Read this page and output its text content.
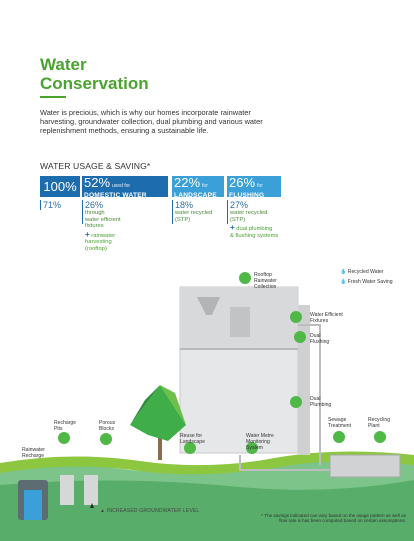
Water
Conservation
Water is precious, which is why our homes incorporate rainwater harvesting, groundwater collection, dual plumbing and various water replenishment methods, ensuring a sustainable life.
WATER USAGE & SAVING*
100% 52% used for
DOMESTIC WATER
22% for
LANDSCAPE
26% for
FLUSHING
71%	26%
through
water efficient
fixtures
+ rainwater
harvesting
(rooftop)
18%
water recycled
(STP)
27%
water recycled
(STP)
+ dual plumbing
& flushing systems
💧 Recycled Water
💧 Fresh Water Saving
Rooftop
Rainwater
Collection
Water Efficient
Fixtures
Dual
Flushing
Dual
Plumbing
Sewage
Treatment
Recycling
Plant
Reuse for
Landscape
Water Metre
Monitoring
System
Recharge
Pits
Porous
Blocks
Rainwater
Recharge
▲ INCREASED GROUNDWATER LEVEL
* The savings indicated can vary based on the usage pattern as well as flow rate & has been computed based on certain assumptions.
